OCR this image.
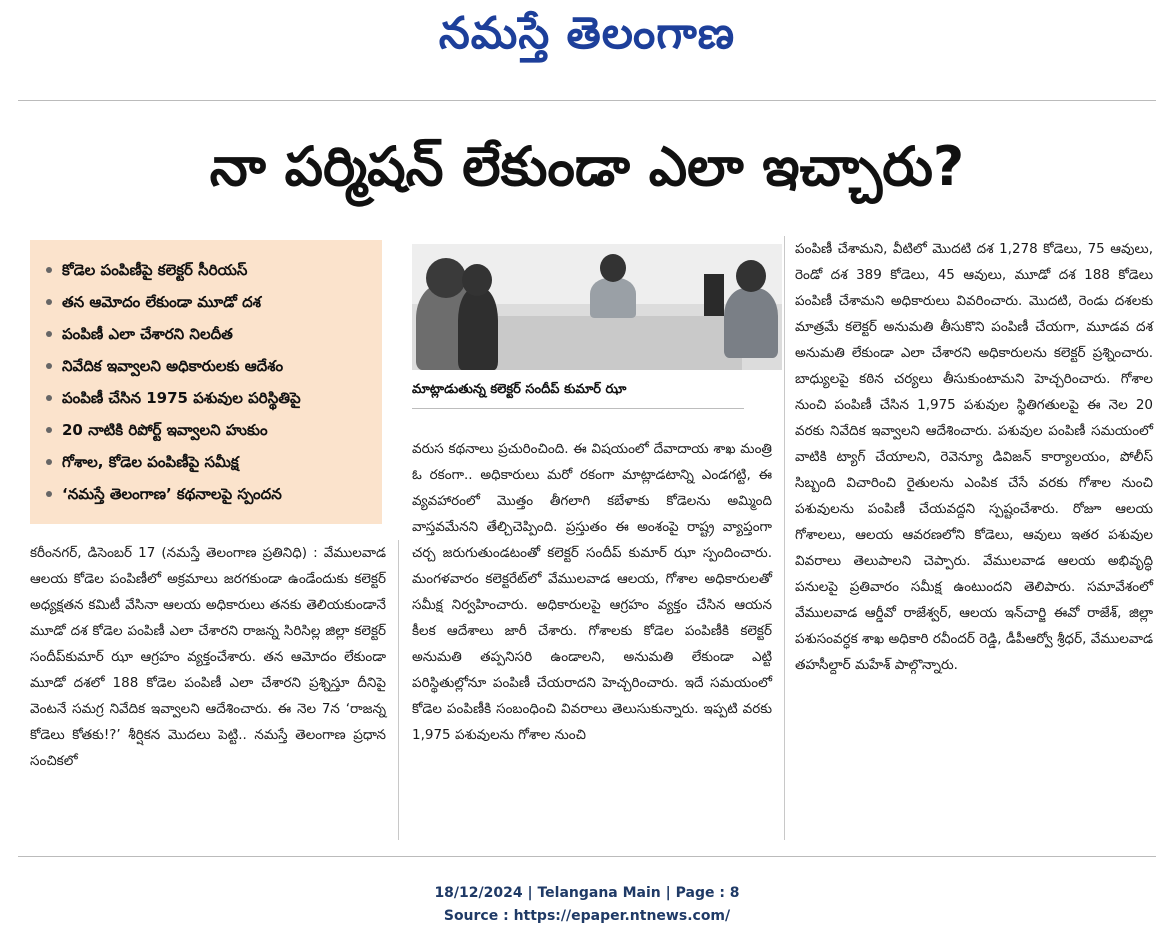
నమస్తే తెలంగాణ
నా పర్మిషన్ లేకుండా ఎలా ఇచ్చారు?
కోడెల పంపిణీపై కలెక్టర్ సీరియస్
తన ఆమోదం లేకుండా మూడో దశ
పంపిణీ ఎలా చేశారని నిలదీత
నివేదిక ఇవ్వాలని అధికారులకు ఆదేశం
పంపిణీ చేసిన 1975 పశువుల పరిస్థితిపై
20 నాటికి రిపోర్ట్ ఇవ్వాలని హుకుం
గోశాల, కోడెల పంపిణీపై సమీక్ష
‘నమస్తే తెలంగాణ’ కథనాలపై స్పందన
మాట్లాడుతున్న కలెక్టర్ సందీప్ కుమార్ ఝా
కరీంనగర్, డిసెంబర్ 17 (నమస్తే తెలంగాణ ప్రతినిధి) : వేములవాడ ఆలయ కోడెల పంపిణీలో అక్రమాలు జరగకుండా ఉండేందుకు కలెక్టర్ అధ్యక్షతన కమిటీ వేసినా ఆలయ అధికారులు తనకు తెలియకుండానే మూడో దశ కోడెల పంపిణీ ఎలా చేశారని రాజన్న సిరిసిల్ల జిల్లా కలెక్టర్ సందీప్‌కుమార్ ఝా ఆగ్రహం వ్యక్తంచేశారు. తన ఆమోదం లేకుండా మూడో దశలో 188 కోడెల పంపిణీ ఎలా చేశారని ప్రశ్నిస్తూ దీనిపై వెంటనే సమగ్ర నివేదిక ఇవ్వాలని ఆదేశించారు. ఈ నెల 7న ‘రాజన్న కోడెలు కోతకు!?’ శీర్షికన మొదలు పెట్టి.. నమస్తే తెలంగాణ ప్రధాన సంచికలో
వరుస కథనాలు ప్రచురించింది. ఈ విషయంలో దేవాదాయ శాఖ మంత్రి ఓ రకంగా.. అధికారులు మరో రకంగా మాట్లాడటాన్ని ఎండగట్టి, ఈ వ్యవహారంలో మొత్తం తీగలాగి కబేళాకు కోడెలను అమ్మింది వాస్తవమేనని తేల్చిచెప్పింది. ప్రస్తుతం ఈ అంశంపై రాష్ట్ర వ్యాప్తంగా చర్చ జరుగుతుండటంతో కలెక్టర్ సందీప్ కుమార్ ఝా స్పందించారు. మంగళవారం కలెక్టరేట్‌లో వేములవాడ ఆలయ, గోశాల అధికారులతో సమీక్ష నిర్వహించారు. అధికారులపై ఆగ్రహం వ్యక్తం చేసిన ఆయన కీలక ఆదేశాలు జారీ చేశారు. గోశాలకు కోడెల పంపిణీకి కలెక్టర్ అనుమతి తప్పనిసరి ఉండాలని, అనుమతి లేకుండా ఎట్టి పరిస్థితుల్లోనూ పంపిణీ చేయరాదని హెచ్చరించారు. ఇదే సమయంలో కోడెల పంపిణీకి సంబంధించి వివరాలు తెలుసుకున్నారు. ఇప్పటి వరకు 1,975 పశువులను గోశాల నుంచి
పంపిణీ చేశామని, వీటిలో మొదటి దశ 1,278 కోడెలు, 75 ఆవులు, రెండో దశ 389 కోడెలు, 45 ఆవులు, మూడో దశ 188 కోడెలు పంపిణీ చేశామని అధికారులు వివరించారు. మొదటి, రెండు దశలకు మాత్రమే కలెక్టర్ అనుమతి తీసుకొని పంపిణీ చేయగా, మూడవ దశ అనుమతి లేకుండా ఎలా చేశారని అధికారులను కలెక్టర్ ప్రశ్నించారు. బాధ్యులపై కఠిన చర్యలు తీసుకుంటామని హెచ్చరించారు. గోశాల నుంచి పంపిణీ చేసిన 1,975 పశువుల స్థితిగతులపై ఈ నెల 20 వరకు నివేదిక ఇవ్వాలని ఆదేశించారు. పశువుల పంపిణీ సమయంలో వాటికి ట్యాగ్ చేయాలని, రెవెన్యూ డివిజన్ కార్యాలయం, పోలీస్ సిబ్బంది విచారించి రైతులను ఎంపిక చేసే వరకు గోశాల నుంచి పశువులను పంపిణీ చేయవద్దని స్పష్టంచేశారు. రోజూ ఆలయ గోశాలలు, ఆలయ ఆవరణలోని కోడెలు, ఆవులు ఇతర పశువుల వివరాలు తెలుపాలని చెప్పారు. వేములవాడ ఆలయ అభివృద్ధి పనులపై ప్రతివారం సమీక్ష ఉంటుందని తెలిపారు. సమావేశంలో వేములవాడ ఆర్డీవో రాజేశ్వర్, ఆలయ ఇన్‌చార్జి ఈవో రాజేశ్, జిల్లా పశుసంవర్ధక శాఖ అధికారి రవీందర్ రెడ్డి, డీపీఆర్వో శ్రీధర్, వేములవాడ తహసీల్దార్ మహేశ్ పాల్గొన్నారు.
18/12/2024 | Telangana Main | Page : 8
Source : https://epaper.ntnews.com/
